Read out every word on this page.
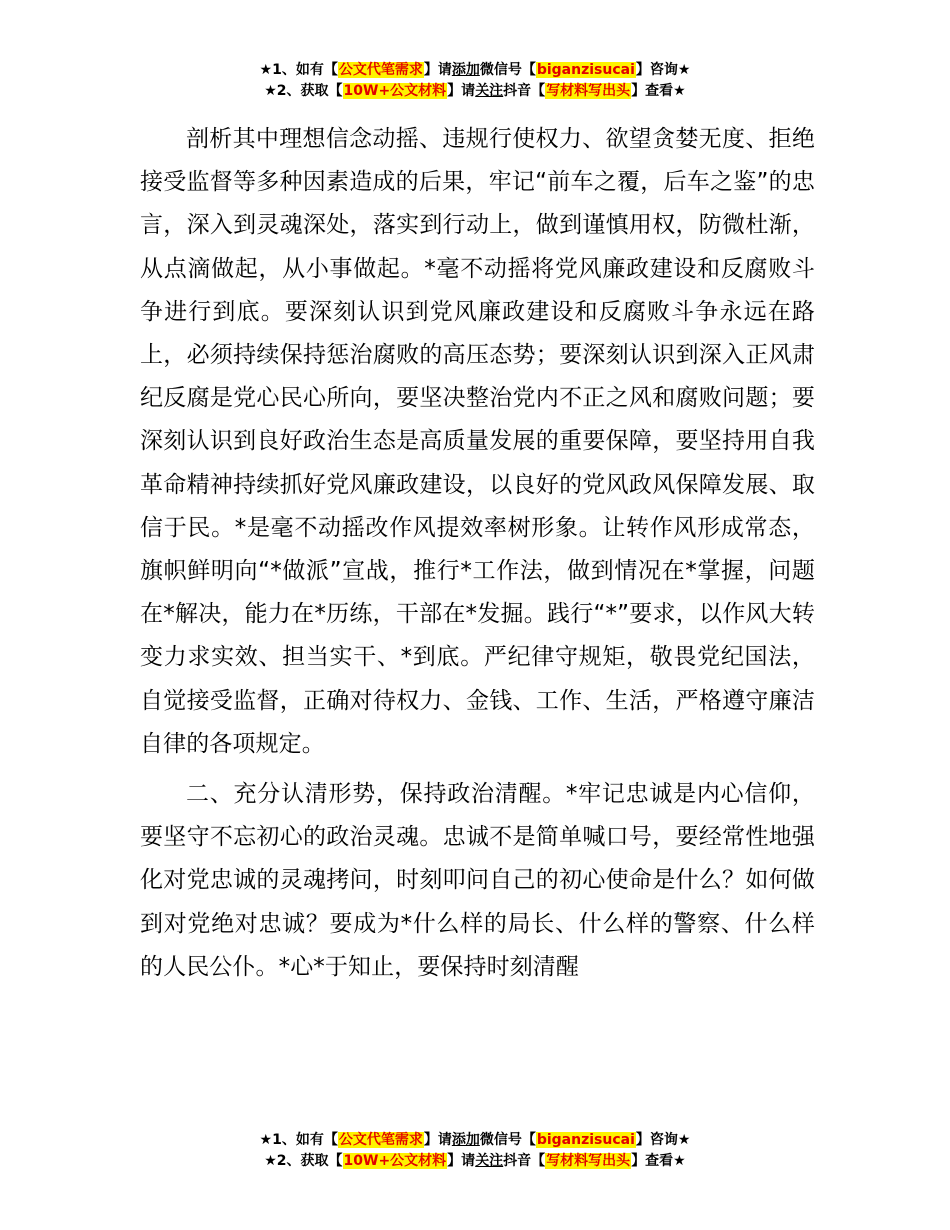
★1、如有【公文代笔需求】请添加微信号【biganzisucai】咨询★
★2、获取【10W+公文材料】请关注抖音【写材料写出头】查看★

剖析其中理想信念动摇、违规行使权力、欲望贪婪无度、拒绝接受监督等多种因素造成的后果，牢记“前车之覆，后车之鉴”的忠言，深入到灵魂深处，落实到行动上，做到谨慎用权，防微杜渐，从点滴做起，从小事做起。*毫不动摇将党风廉政建设和反腐败斗争进行到底。要深刻认识到党风廉政建设和反腐败斗争永远在路上，必须持续保持惩治腐败的高压态势；要深刻认识到深入正风肃纪反腐是党心民心所向，要坚决整治党内不正之风和腐败问题；要深刻认识到良好政治生态是高质量发展的重要保障，要坚持用自我革命精神持续抓好党风廉政建设，以良好的党风政风保障发展、取信于民。*是毫不动摇改作风提效率树形象。让转作风形成常态，旗帜鲜明向“*做派”宣战，推行*工作法，做到情况在*掌握，问题在*解决，能力在*历练，干部在*发掘。践行“*”要求，以作风大转变力求实效、担当实干、*到底。严纪律守规矩，敬畏党纪国法，自觉接受监督，正确对待权力、金钱、工作、生活，严格遵守廉洁自律的各项规定。

二、充分认清形势，保持政治清醒。*牢记忠诚是内心信仰，要坚守不忘初心的政治灵魂。忠诚不是简单喊口号，要经常性地强化对党忠诚的灵魂拷问，时刻叩问自己的初心使命是什么？如何做到对党绝对忠诚？要成为*什么样的局长、什么样的警察、什么样的人民公仆。*心*于知止，要保持时刻清醒

★1、如有【公文代笔需求】请添加微信号【biganzisucai】咨询★
★2、获取【10W+公文材料】请关注抖音【写材料写出头】查看★
